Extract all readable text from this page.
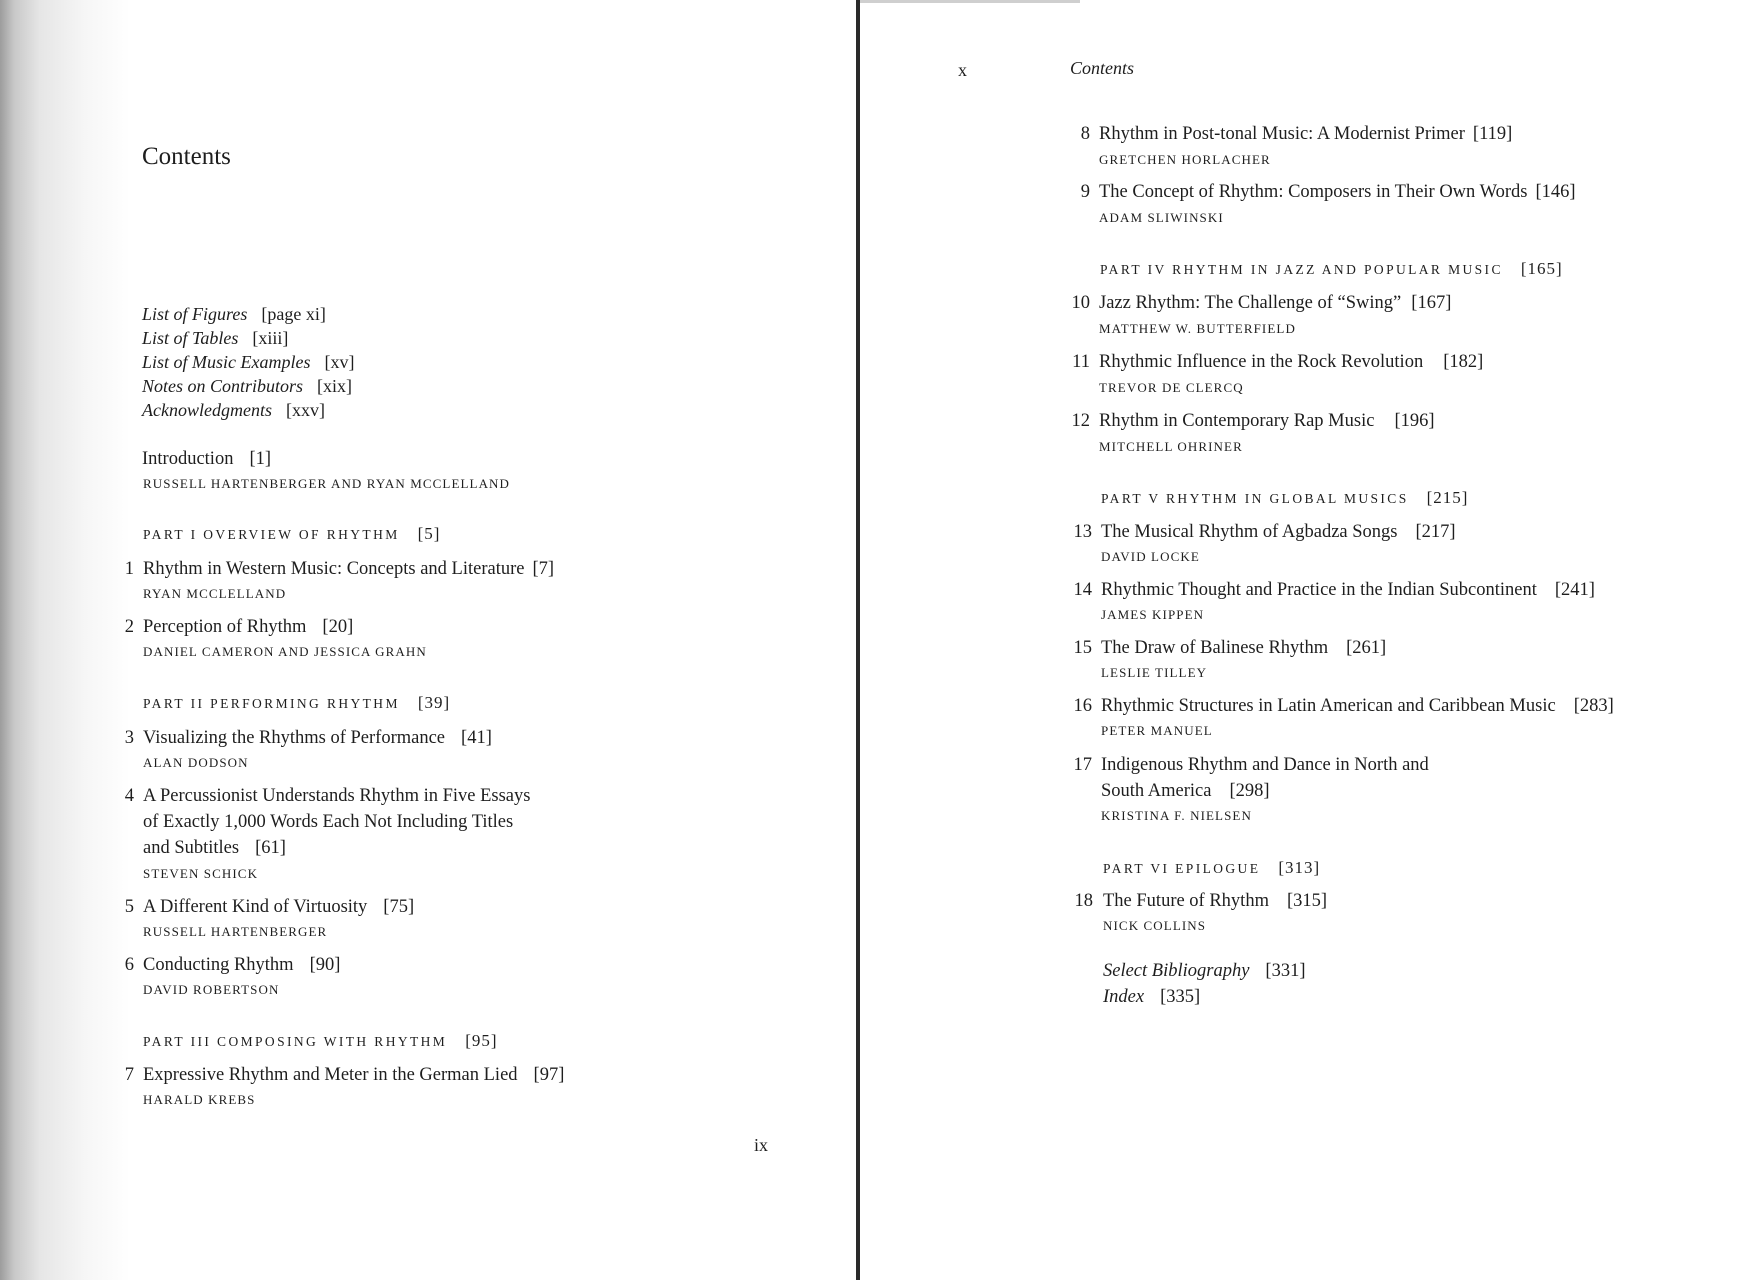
Contents
List of Figures [page xi]
List of Tables [xiii]
List of Music Examples [xv]
Notes on Contributors [xix]
Acknowledgments [xxv]
Introduction [1]
RUSSELL HARTENBERGER AND RYAN MCCLELLAND
PART I OVERVIEW OF RHYTHM [5]
1 Rhythm in Western Music: Concepts and Literature [7]
RYAN MCCLELLAND
2 Perception of Rhythm [20]
DANIEL CAMERON AND JESSICA GRAHN
PART II PERFORMING RHYTHM [39]
3 Visualizing the Rhythms of Performance [41]
ALAN DODSON
4 A Percussionist Understands Rhythm in Five Essays
of Exactly 1,000 Words Each Not Including Titles
and Subtitles [61]
STEVEN SCHICK
5 A Different Kind of Virtuosity [75]
RUSSELL HARTENBERGER
6 Conducting Rhythm [90]
DAVID ROBERTSON
PART III COMPOSING WITH RHYTHM [95]
7 Expressive Rhythm and Meter in the German Lied [97]
HARALD KREBS
ix
x	Contents
8 Rhythm in Post-tonal Music: A Modernist Primer [119]
GRETCHEN HORLACHER
9 The Concept of Rhythm: Composers in Their Own Words [146]
ADAM SLIWINSKI
PART IV RHYTHM IN JAZZ AND POPULAR MUSIC [165]
10 Jazz Rhythm: The Challenge of “Swing” [167]
MATTHEW W. BUTTERFIELD
11 Rhythmic Influence in the Rock Revolution [182]
TREVOR DE CLERCQ
12 Rhythm in Contemporary Rap Music [196]
MITCHELL OHRINER
PART V RHYTHM IN GLOBAL MUSICS [215]
13 The Musical Rhythm of Agbadza Songs [217]
DAVID LOCKE
14 Rhythmic Thought and Practice in the Indian Subcontinent [241]
JAMES KIPPEN
15 The Draw of Balinese Rhythm [261]
LESLIE TILLEY
16 Rhythmic Structures in Latin American and Caribbean Music [283]
PETER MANUEL
17 Indigenous Rhythm and Dance in North and
South America [298]
KRISTINA F. NIELSEN
PART VI EPILOGUE [313]
18 The Future of Rhythm [315]
NICK COLLINS
Select Bibliography [331]
Index [335]
